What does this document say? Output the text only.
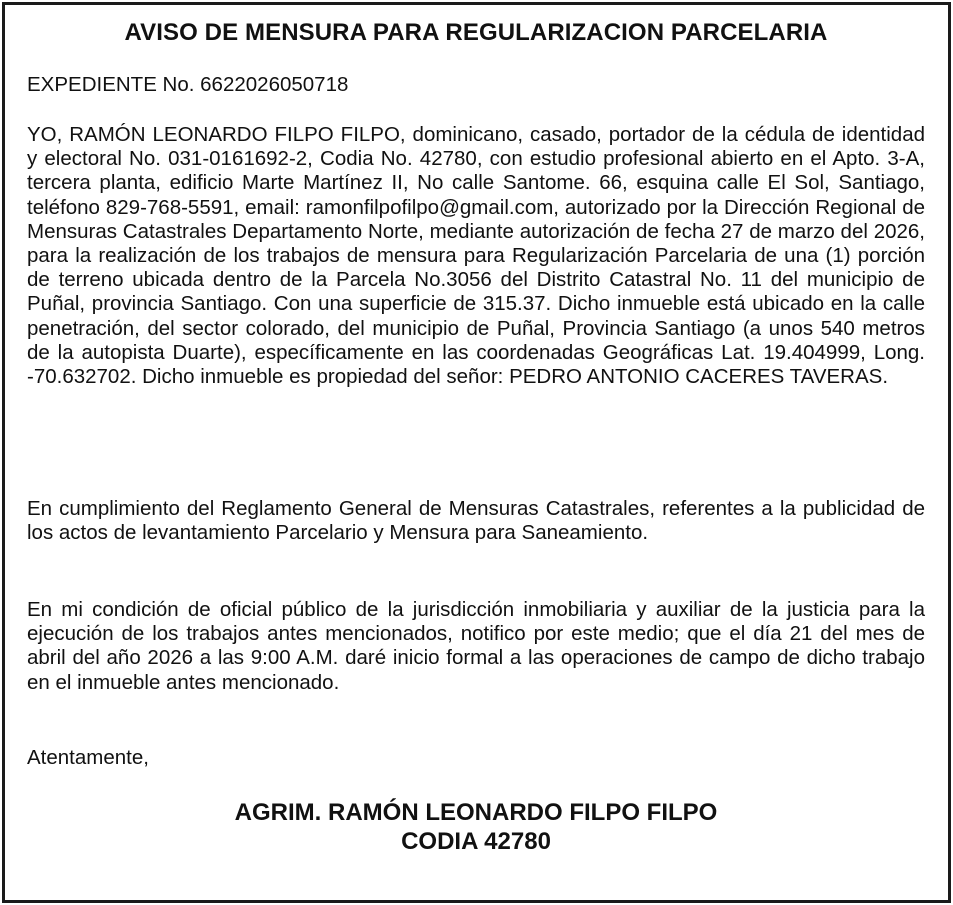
AVISO DE MENSURA PARA REGULARIZACION PARCELARIA
EXPEDIENTE No. 6622026050718

YO, RAMÓN LEONARDO FILPO FILPO, dominicano, casado, portador de la cédula de identidad y electoral No. 031-0161692-2, Codia No. 42780, con estudio profesional abierto en el Apto. 3-A, tercera planta, edificio Marte Martínez II, No calle Santome. 66, esquina calle El Sol, Santiago, teléfono 829-768-5591, email: ramonfilpofilpo@gmail.com, autorizado por la Dirección Regional de Mensuras Catastrales Departamento Norte, mediante autorización de fecha 27 de marzo del 2026, para la realización de los trabajos de mensura para Regularización Parcelaria de una (1) porción de terreno ubicada dentro de la Parcela No.3056 del Distrito Catastral No. 11 del municipio de Puñal, provincia Santiago. Con una superficie de 315.37. Dicho inmueble está ubicado en la calle penetración, del sector colorado, del municipio de Puñal, Provincia Santiago (a unos 540 metros de la autopista Duarte), específicamente en las coordenadas Geográficas Lat. 19.404999, Long. -70.632702. Dicho inmueble es propiedad del señor: PEDRO ANTONIO CACERES TAVERAS.

En cumplimiento del Reglamento General de Mensuras Catastrales, referentes a la publicidad de los actos de levantamiento Parcelario y Mensura para Saneamiento.

En mi condición de oficial público de la jurisdicción inmobiliaria y auxiliar de la justicia para la ejecución de los trabajos antes mencionados, notifico por este medio; que el día 21 del mes de abril del año 2026 a las 9:00 A.M. daré inicio formal a las operaciones de campo de dicho trabajo en el inmueble antes mencionado.

Atentamente,
AGRIM. RAMÓN LEONARDO FILPO FILPO
CODIA 42780
